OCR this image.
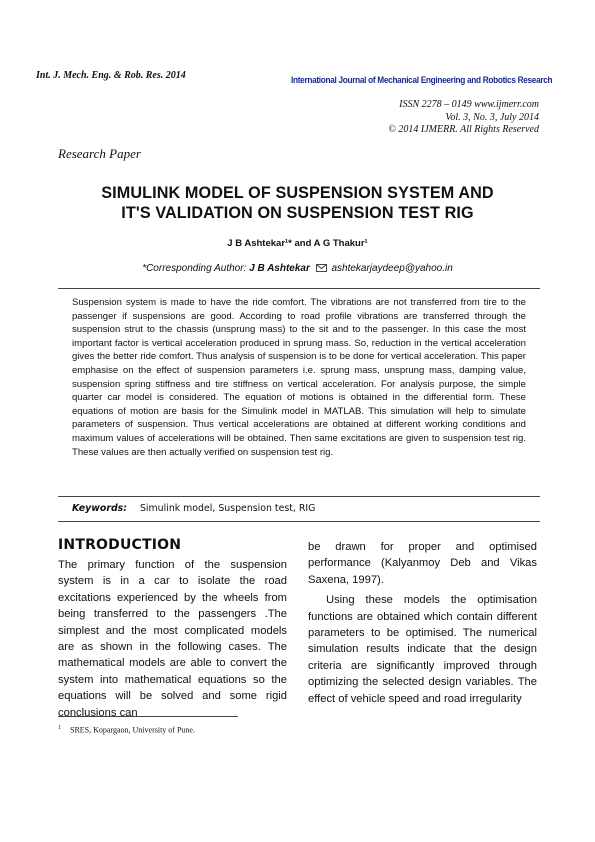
Int. J. Mech. Eng. & Rob. Res. 2014	International Journal of Mechanical Engineering and Robotics Research
ISSN 2278 – 0149 www.ijmerr.com
Vol. 3, No. 3, July 2014
© 2014 IJMERR. All Rights Reserved
Research Paper
SIMULINK MODEL OF SUSPENSION SYSTEM AND
IT'S VALIDATION ON SUSPENSION TEST RIG
J B Ashtekar¹* and A G Thakur¹
*Corresponding Author: J B Ashtekar ashtekarjaydeep@yahoo.in
Suspension system is made to have the ride comfort. The vibrations are not transferred from tire to the passenger if suspensions are good. According to road profile vibrations are transferred through the suspension strut to the chassis (unsprung mass) to the sit and to the passenger. In this case the most important factor is vertical acceleration produced in sprung mass. So, reduction in the vertical acceleration gives the better ride comfort. Thus analysis of suspension is to be done for vertical acceleration. This paper emphasise on the effect of suspension parameters i.e. sprung mass, unsprung mass, damping value, suspension spring stiffness and tire stiffness on vertical acceleration. For analysis purpose, the simple quarter car model is considered. The equation of motions is obtained in the differential form. These equations of motion are basis for the Simulink model in MATLAB. This simulation will help to simulate parameters of suspension. Thus vertical accelerations are obtained at different working conditions and maximum values of accelerations will be obtained. Then same excitations are given to suspension test rig. These values are then actually verified on suspension test rig.
Keywords: Simulink model, Suspension test, RIG
INTRODUCTION

The primary function of the suspension system is in a car to isolate the road excitations experienced by the wheels from being transferred to the passengers .The simplest and the most complicated models are as shown in the following cases. The mathematical models are able to convert the system into mathematical equations so the equations will be solved and some rigid conclusions can

be drawn for proper and optimised performance (Kalyanmoy Deb and Vikas Saxena, 1997).

Using these models the optimisation functions are obtained which contain different parameters to be optimised. The numerical simulation results indicate that the design criteria are significantly improved through optimizing the selected design variables. The effect of vehicle speed and road irregularity

$^1$ SRES, Kopargaon, University of Pune.
